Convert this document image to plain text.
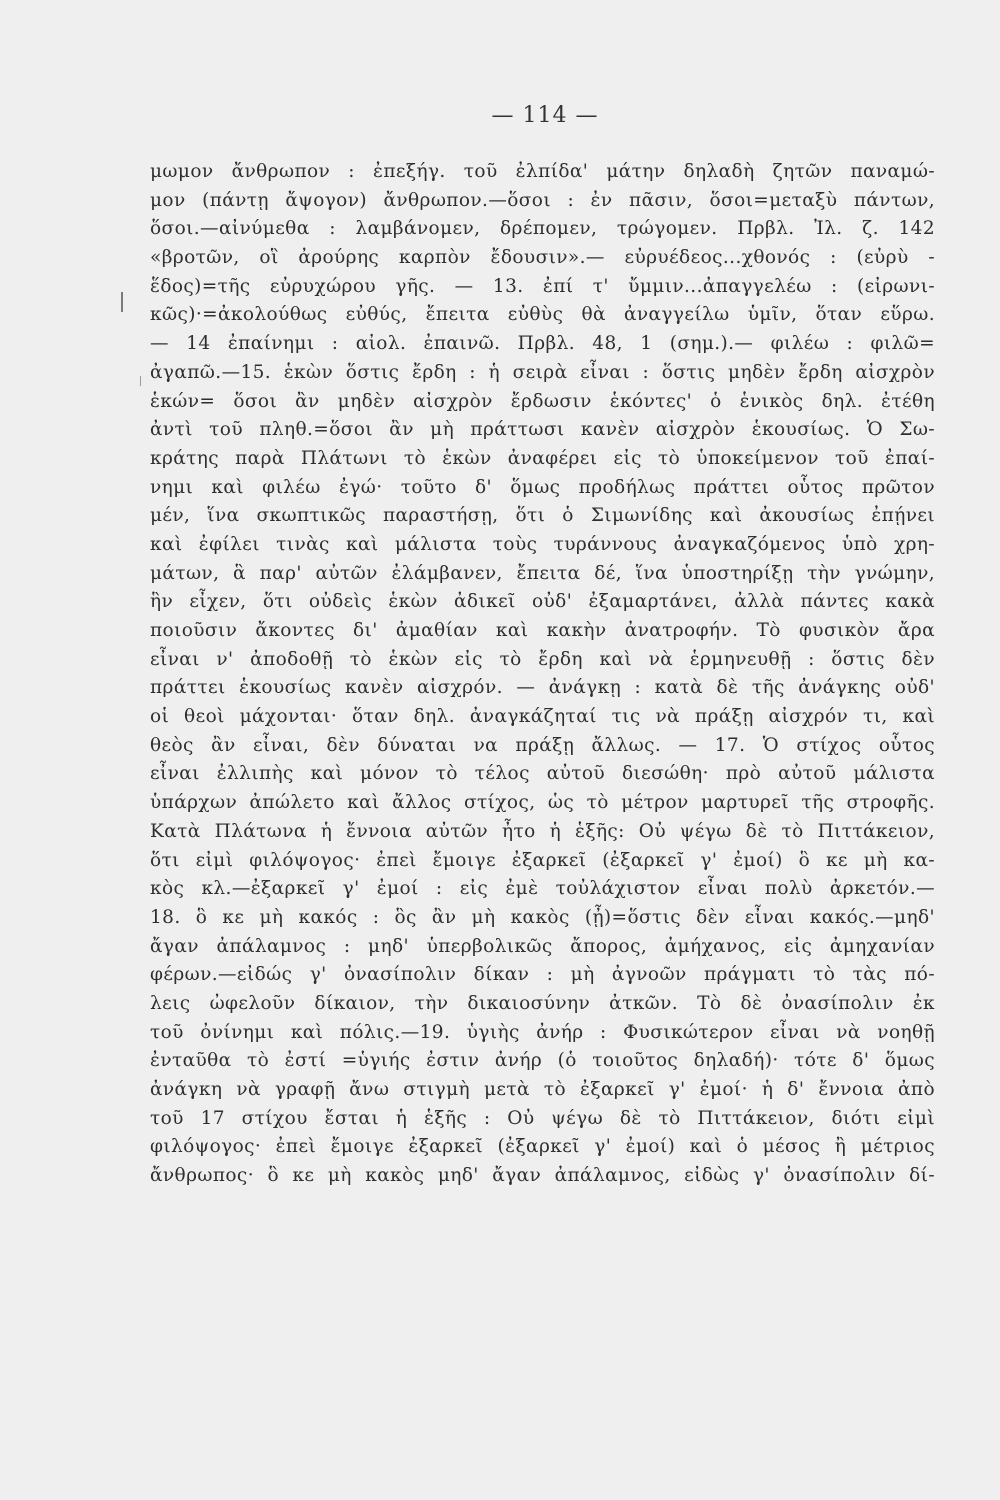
— 114 —
μωμον ἄνθρωπον : ἐπεξήγ. τοῦ ἐλπίδα' μάτην δηλαδὴ ζητῶν παναμώ-
μον (πάντῃ ἄψογον) ἄνθρωπον.—ὅσοι : ἐν πᾶσιν, ὅσοι=μεταξὺ πάντων,
ὅσοι.—αἰνύμεθα : λαμβάνομεν, δρέπομεν, τρώγομεν. Πρβλ. Ἰλ. ζ. 142
«βροτῶν, οἳ ἀρούρης καρπὸν ἔδουσιν».— εὐρυέδεος...χθονός : (εὐρὺ -
ἕδος)=τῆς εὐρυχώρου γῆς. — 13. ἐπί τ' ὔμμιν...ἀπαγγελέω : (εἰρωνι-
κῶς)·=ἀκολούθως εὐθύς, ἔπειτα εὐθὺς θὰ ἀναγγείλω ὑμῖν, ὅταν εὕρω.
— 14 ἐπαίνημι : αἰολ. ἐπαινῶ. Πρβλ. 48, 1 (σημ.).— φιλέω : φιλῶ=
ἀγαπῶ.—15. ἑκὼν ὅστις ἔρδη : ἡ σειρὰ εἶναι : ὅστις μηδὲν ἔρδη αἰσχρὸν
ἑκών= ὅσοι ἂν μηδὲν αἰσχρὸν ἔρδωσιν ἑκόντες' ὁ ἑνικὸς δηλ. ἐτέθη
ἀντὶ τοῦ πληθ.=ὅσοι ἂν μὴ πράττωσι κανὲν αἰσχρὸν ἑκουσίως. Ὁ Σω-
κράτης παρὰ Πλάτωνι τὸ ἑκὼν ἀναφέρει εἰς τὸ ὑποκείμενον τοῦ ἐπαί-
νημι καὶ φιλέω ἐγώ· τοῦτο δ' ὅμως προδήλως πράττει οὗτος πρῶτον
μέν, ἵνα σκωπτικῶς παραστήσῃ, ὅτι ὁ Σιμωνίδης καὶ ἀκουσίως ἐπῄνει
καὶ ἐφίλει τινὰς καὶ μάλιστα τοὺς τυράννους ἀναγκαζόμενος ὑπὸ χρη-
μάτων, ἃ παρ' αὐτῶν ἐλάμβανεν, ἔπειτα δέ, ἵνα ὑποστηρίξῃ τὴν γνώμην,
ἣν εἶχεν, ὅτι οὐδεὶς ἑκὼν ἀδικεῖ οὐδ' ἐξαμαρτάνει, ἀλλὰ πάντες κακὰ
ποιοῦσιν ἄκοντες δι' ἀμαθίαν καὶ κακὴν ἀνατροφήν. Τὸ φυσικὸν ἄρα
εἶναι ν' ἀποδοθῇ τὸ ἑκὼν εἰς τὸ ἔρδη καὶ νὰ ἑρμηνευθῇ : ὅστις δὲν
πράττει ἑκουσίως κανὲν αἰσχρόν. — ἀνάγκῃ : κατὰ δὲ τῆς ἀνάγκης οὐδ'
οἱ θεοὶ μάχονται· ὅταν δηλ. ἀναγκάζηταί τις νὰ πράξῃ αἰσχρόν τι, καὶ
θεὸς ἂν εἶναι, δὲν δύναται να πράξῃ ἄλλως. — 17. Ὁ στίχος οὗτος
εἶναι ἐλλιπὴς καὶ μόνον τὸ τέλος αὐτοῦ διεσώθη· πρὸ αὐτοῦ μάλιστα
ὑπάρχων ἀπώλετο καὶ ἄλλος στίχος, ὡς τὸ μέτρον μαρτυρεῖ τῆς στροφῆς.
Κατὰ Πλάτωνα ἡ ἔννοια αὐτῶν ἦτο ἡ ἑξῆς: Οὐ ψέγω δὲ τὸ Πιττάκειον,
ὅτι εἰμὶ φιλόψογος· ἐπεὶ ἔμοιγε ἐξαρκεῖ (ἐξαρκεῖ γ' ἐμοί) ὃ κε μὴ κα-
κὸς κλ.—ἐξαρκεῖ γ' ἐμοί : εἰς ἐμὲ τοὐλάχιστον εἶναι πολὺ ἀρκετόν.—
18. ὃ κε μὴ κακός : ὃς ἂν μὴ κακὸς (ᾖ)=ὅστις δὲν εἶναι κακός.—μηδ'
ἄγαν ἀπάλαμνος : μηδ' ὑπερβολικῶς ἄπορος, ἀμήχανος, εἰς ἀμηχανίαν
φέρων.—εἰδώς γ' ὀνασίπολιν δίκαν : μὴ ἀγνοῶν πράγματι τὸ τὰς πό-
λεις ὠφελοῦν δίκαιον, τὴν δικαιοσύνην ἀτκῶν. Τὸ δὲ ὀνασίπολιν ἐκ
τοῦ ὀνίνημι καὶ πόλις.—19. ὑγιὴς ἀνήρ : Φυσικώτερον εἶναι νὰ νοηθῇ
ἐνταῦθα τὸ ἐστί =ὑγιής ἐστιν ἀνήρ (ὁ τοιοῦτος δηλαδή)· τότε δ' ὅμως
ἀνάγκη νὰ γραφῇ ἄνω στιγμὴ μετὰ τὸ ἐξαρκεῖ γ' ἐμοί· ἡ δ' ἔννοια ἀπὸ
τοῦ 17 στίχου ἔσται ἡ ἑξῆς : Οὐ ψέγω δὲ τὸ Πιττάκειον, διότι εἰμὶ
φιλόψογος· ἐπεὶ ἔμοιγε ἐξαρκεῖ (ἐξαρκεῖ γ' ἐμοί) καὶ ὁ μέσος ἢ μέτριος
ἄνθρωπος· ὃ κε μὴ κακὸς μηδ' ἄγαν ἀπάλαμνος, εἰδὼς γ' ὀνασίπολιν δί-
